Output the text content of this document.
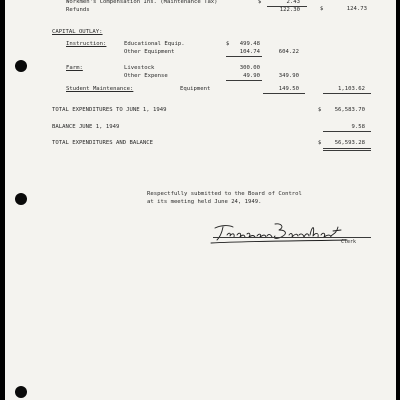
Workmen's Compensation Ins. (Maintenance Tax)	$	2.43
Refunds	122.30	$	124.73
CAPITAL OUTLAY:
Instruction:	Educational Equip.	$	499.48
Other Equipment	104.74	604.22
Farm:	Livestock	300.00
Other Expense	49.90	349.90
Student Maintenance:	Equipment	149.50	1,103.62
TOTAL EXPENDITURES TO JUNE 1, 1949	$	56,583.70
BALANCE JUNE 1, 1949	9.58
TOTAL EXPENDITURES AND BALANCE	$	56,593.28
Respectfully submitted to the Board of Control
at its meeting held June 24, 1949.
Clerk
